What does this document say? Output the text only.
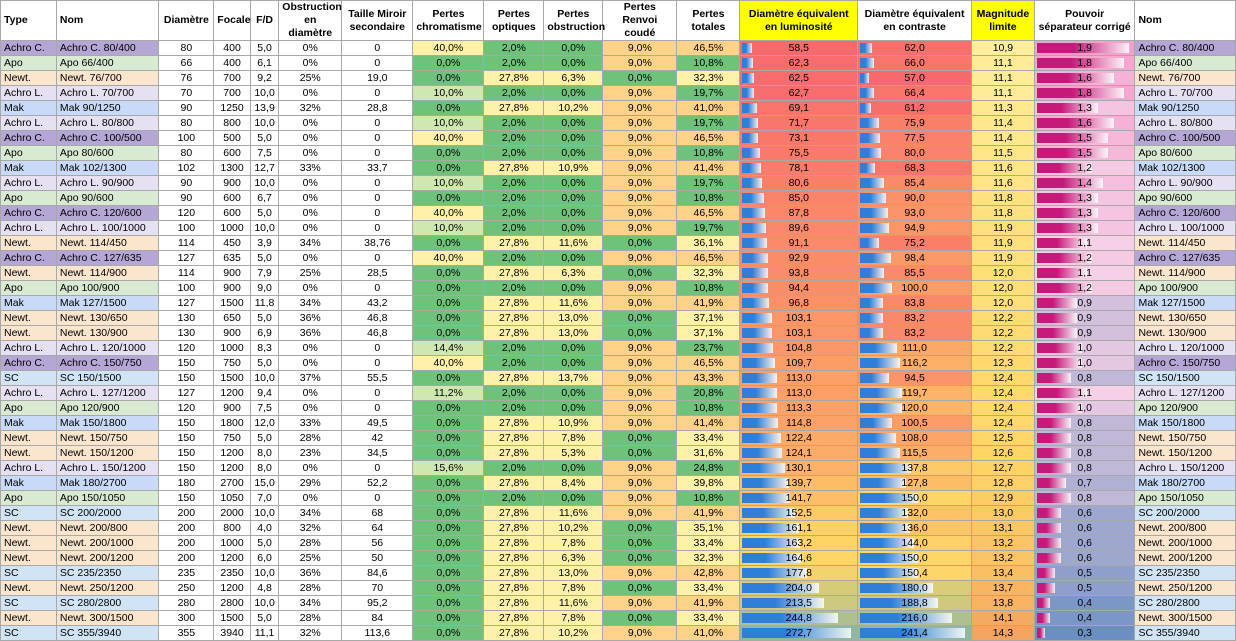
Type	Nom	Diamètre	Focale	F/D	Obstruction en diamètre	Taille Miroir secondaire	Pertes chromatisme	Pertes optiques	Pertes obstruction	Pertes Renvoi coudé	Pertes totales	Diamètre équivalent en luminosité	Diamètre équivalent en contraste	Magnitude limite	Pouvoir séparateur corrigé	Nom
Achro C.	Achro C. 80/400	80	400	5,0	0%	0	40,0%	2,0%	0,0%	9,0%	46,5%	58,5	62,0	10,9	1,9	Achro C. 80/400
Apo	Apo 66/400	66	400	6,1	0%	0	0,0%	2,0%	0,0%	9,0%	10,8%	62,3	66,0	11,1	1,8	Apo 66/400
Newt.	Newt. 76/700	76	700	9,2	25%	19,0	0,0%	27,8%	6,3%	0,0%	32,3%	62,5	57,0	11,1	1,6	Newt. 76/700
Achro L.	Achro L. 70/700	70	700	10,0	0%	0	10,0%	2,0%	0,0%	9,0%	19,7%	62,7	66,4	11,1	1,8	Achro L. 70/700
Mak	Mak 90/1250	90	1250	13,9	32%	28,8	0,0%	27,8%	10,2%	9,0%	41,0%	69,1	61,2	11,3	1,3	Mak 90/1250
Achro L.	Achro L. 80/800	80	800	10,0	0%	0	10,0%	2,0%	0,0%	9,0%	19,7%	71,7	75,9	11,4	1,6	Achro L. 80/800
Achro C.	Achro C. 100/500	100	500	5,0	0%	0	40,0%	2,0%	0,0%	9,0%	46,5%	73,1	77,5	11,4	1,5	Achro C. 100/500
Apo	Apo 80/600	80	600	7,5	0%	0	0,0%	2,0%	0,0%	9,0%	10,8%	75,5	80,0	11,5	1,5	Apo 80/600
Mak	Mak 102/1300	102	1300	12,7	33%	33,7	0,0%	27,8%	10,9%	9,0%	41,4%	78,1	68,3	11,6	1,2	Mak 102/1300
Achro L.	Achro L. 90/900	90	900	10,0	0%	0	10,0%	2,0%	0,0%	9,0%	19,7%	80,6	85,4	11,6	1,4	Achro L. 90/900
Apo	Apo 90/600	90	600	6,7	0%	0	0,0%	2,0%	0,0%	9,0%	10,8%	85,0	90,0	11,8	1,3	Apo 90/600
Achro C.	Achro C. 120/600	120	600	5,0	0%	0	40,0%	2,0%	0,0%	9,0%	46,5%	87,8	93,0	11,8	1,3	Achro C. 120/600
Achro L.	Achro L. 100/1000	100	1000	10,0	0%	0	10,0%	2,0%	0,0%	9,0%	19,7%	89,6	94,9	11,9	1,3	Achro L. 100/1000
Newt.	Newt. 114/450	114	450	3,9	34%	38,76	0,0%	27,8%	11,6%	0,0%	36,1%	91,1	75,2	11,9	1,1	Newt. 114/450
Achro C.	Achro C. 127/635	127	635	5,0	0%	0	40,0%	2,0%	0,0%	9,0%	46,5%	92,9	98,4	11,9	1,2	Achro C. 127/635
Newt.	Newt. 114/900	114	900	7,9	25%	28,5	0,0%	27,8%	6,3%	0,0%	32,3%	93,8	85,5	12,0	1,1	Newt. 114/900
Apo	Apo 100/900	100	900	9,0	0%	0	0,0%	2,0%	0,0%	9,0%	10,8%	94,4	100,0	12,0	1,2	Apo 100/900
Mak	Mak 127/1500	127	1500	11,8	34%	43,2	0,0%	27,8%	11,6%	9,0%	41,9%	96,8	83,8	12,0	0,9	Mak 127/1500
Newt.	Newt. 130/650	130	650	5,0	36%	46,8	0,0%	27,8%	13,0%	0,0%	37,1%	103,1	83,2	12,2	0,9	Newt. 130/650
Newt.	Newt. 130/900	130	900	6,9	36%	46,8	0,0%	27,8%	13,0%	0,0%	37,1%	103,1	83,2	12,2	0,9	Newt. 130/900
Achro L.	Achro L. 120/1000	120	1000	8,3	0%	0	14,4%	2,0%	0,0%	9,0%	23,7%	104,8	111,0	12,2	1,0	Achro L. 120/1000
Achro C.	Achro C. 150/750	150	750	5,0	0%	0	40,0%	2,0%	0,0%	9,0%	46,5%	109,7	116,2	12,3	1,0	Achro C. 150/750
SC	SC 150/1500	150	1500	10,0	37%	55,5	0,0%	27,8%	13,7%	9,0%	43,3%	113,0	94,5	12,4	0,8	SC 150/1500
Achro L.	Achro L. 127/1200	127	1200	9,4	0%	0	11,2%	2,0%	0,0%	9,0%	20,8%	113,0	119,7	12,4	1,1	Achro L. 127/1200
Apo	Apo 120/900	120	900	7,5	0%	0	0,0%	2,0%	0,0%	9,0%	10,8%	113,3	120,0	12,4	1,0	Apo 120/900
Mak	Mak 150/1800	150	1800	12,0	33%	49,5	0,0%	27,8%	10,9%	9,0%	41,4%	114,8	100,5	12,4	0,8	Mak 150/1800
Newt.	Newt. 150/750	150	750	5,0	28%	42	0,0%	27,8%	7,8%	0,0%	33,4%	122,4	108,0	12,5	0,8	Newt. 150/750
Newt.	Newt. 150/1200	150	1200	8,0	23%	34,5	0,0%	27,8%	5,3%	0,0%	31,6%	124,1	115,5	12,6	0,8	Newt. 150/1200
Achro L.	Achro L. 150/1200	150	1200	8,0	0%	0	15,6%	2,0%	0,0%	9,0%	24,8%	130,1	137,8	12,7	0,8	Achro L. 150/1200
Mak	Mak 180/2700	180	2700	15,0	29%	52,2	0,0%	27,8%	8,4%	9,0%	39,8%	139,7	127,8	12,8	0,7	Mak 180/2700
Apo	Apo 150/1050	150	1050	7,0	0%	0	0,0%	2,0%	0,0%	9,0%	10,8%	141,7	150,0	12,9	0,8	Apo 150/1050
SC	SC 200/2000	200	2000	10,0	34%	68	0,0%	27,8%	11,6%	9,0%	41,9%	152,5	132,0	13,0	0,6	SC 200/2000
Newt.	Newt. 200/800	200	800	4,0	32%	64	0,0%	27,8%	10,2%	0,0%	35,1%	161,1	136,0	13,1	0,6	Newt. 200/800
Newt.	Newt. 200/1000	200	1000	5,0	28%	56	0,0%	27,8%	7,8%	0,0%	33,4%	163,2	144,0	13,2	0,6	Newt. 200/1000
Newt.	Newt. 200/1200	200	1200	6,0	25%	50	0,0%	27,8%	6,3%	0,0%	32,3%	164,6	150,0	13,2	0,6	Newt. 200/1200
SC	SC 235/2350	235	2350	10,0	36%	84,6	0,0%	27,8%	13,0%	9,0%	42,8%	177,8	150,4	13,4	0,5	SC 235/2350
Newt.	Newt. 250/1200	250	1200	4,8	28%	70	0,0%	27,8%	7,8%	0,0%	33,4%	204,0	180,0	13,7	0,5	Newt. 250/1200
SC	SC 280/2800	280	2800	10,0	34%	95,2	0,0%	27,8%	11,6%	9,0%	41,9%	213,5	188,8	13,8	0,4	SC 280/2800
Newt.	Newt. 300/1500	300	1500	5,0	28%	84	0,0%	27,8%	7,8%	0,0%	33,4%	244,8	216,0	14,1	0,4	Newt. 300/1500
SC	SC 355/3940	355	3940	11,1	32%	113,6	0,0%	27,8%	10,2%	9,0%	41,0%	272,7	241,4	14,3	0,3	SC 355/3940
